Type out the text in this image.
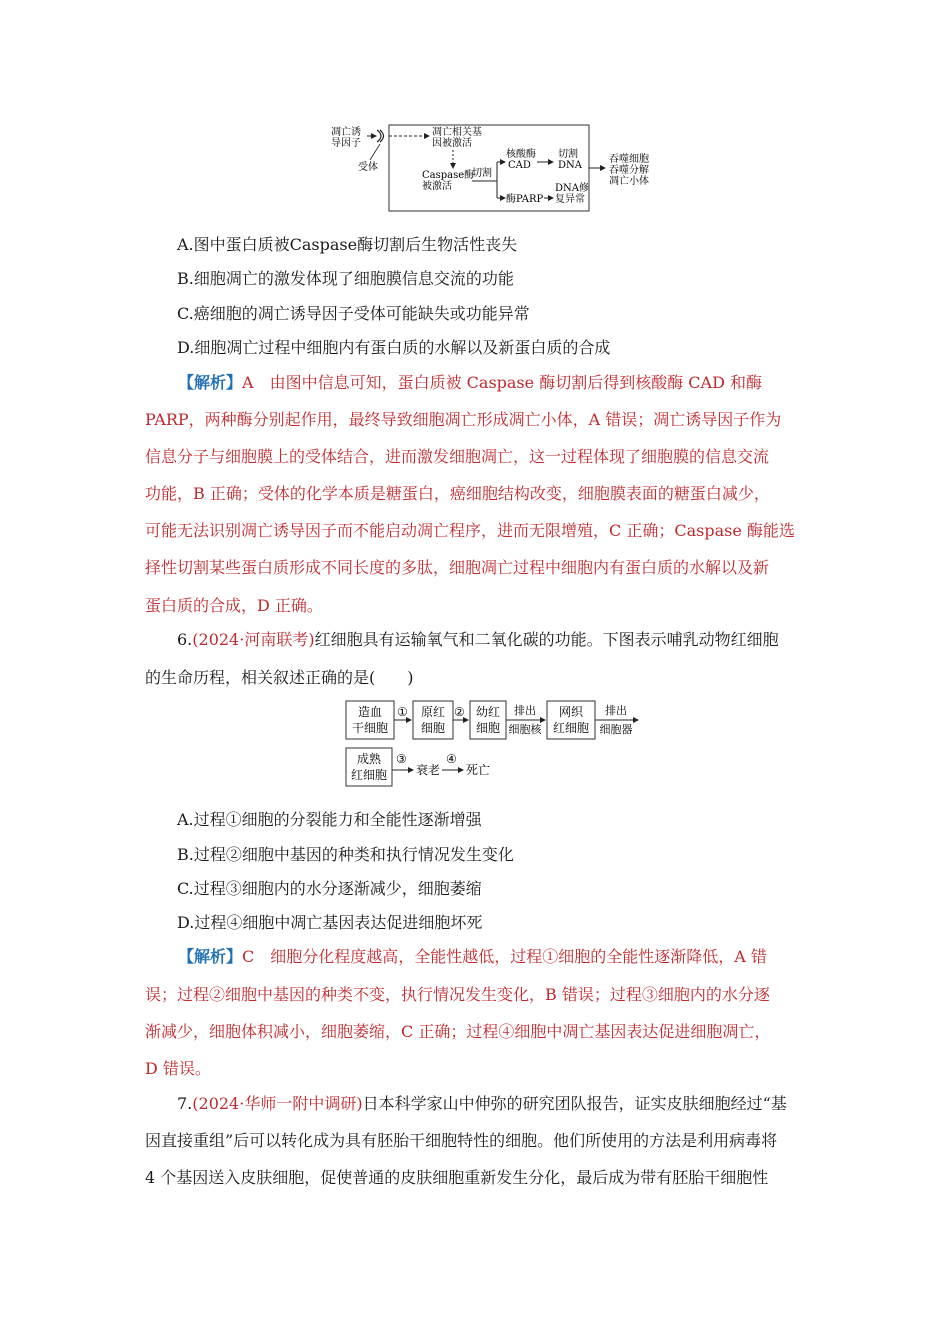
凋亡诱
导因子
受体
凋亡相关基
因被激活
Caspase酶
被激活
切割
核酸酶
CAD
切割
DNA
酶PARP
DNA修
复异常
吞噬细胞
吞噬分解
凋亡小体
A.图中蛋白质被Caspase酶切割后生物活性丧失
B.细胞凋亡的激发体现了细胞膜信息交流的功能
C.癌细胞的凋亡诱导因子受体可能缺失或功能异常
D.细胞凋亡过程中细胞内有蛋白质的水解以及新蛋白质的合成
【解析】A　由图中信息可知，蛋白质被 Caspase 酶切割后得到核酸酶 CAD 和酶
PARP，两种酶分别起作用，最终导致细胞凋亡形成凋亡小体，A 错误；凋亡诱导因子作为
信息分子与细胞膜上的受体结合，进而激发细胞凋亡，这一过程体现了细胞膜的信息交流
功能，B 正确；受体的化学本质是糖蛋白，癌细胞结构改变，细胞膜表面的糖蛋白减少，
可能无法识别凋亡诱导因子而不能启动凋亡程序，进而无限增殖，C 正确；Caspase 酶能选
择性切割某些蛋白质形成不同长度的多肽，细胞凋亡过程中细胞内有蛋白质的水解以及新
蛋白质的合成，D 正确。
6.(2024·河南联考)红细胞具有运输氧气和二氧化碳的功能。下图表示哺乳动物红细胞
的生命历程，相关叙述正确的是(　　)
造血
干细胞
① 原红
细胞
② 幼红
细胞
排出
细胞核
网织
红细胞
排出
细胞器
成熟
红细胞
③
衰老
④
死亡
A.过程①细胞的分裂能力和全能性逐渐增强
B.过程②细胞中基因的种类和执行情况发生变化
C.过程③细胞内的水分逐渐减少，细胞萎缩
D.过程④细胞中凋亡基因表达促进细胞坏死
【解析】C　细胞分化程度越高，全能性越低，过程①细胞的全能性逐渐降低，A 错
误；过程②细胞中基因的种类不变，执行情况发生变化，B 错误；过程③细胞内的水分逐
渐减少，细胞体积减小，细胞萎缩，C 正确；过程④细胞中凋亡基因表达促进细胞凋亡，
D 错误。
7.(2024·华师一附中调研)日本科学家山中伸弥的研究团队报告，证实皮肤细胞经过“基
因直接重组”后可以转化成为具有胚胎干细胞特性的细胞。他们所使用的方法是利用病毒将
4 个基因送入皮肤细胞，促使普通的皮肤细胞重新发生分化，最后成为带有胚胎干细胞性
